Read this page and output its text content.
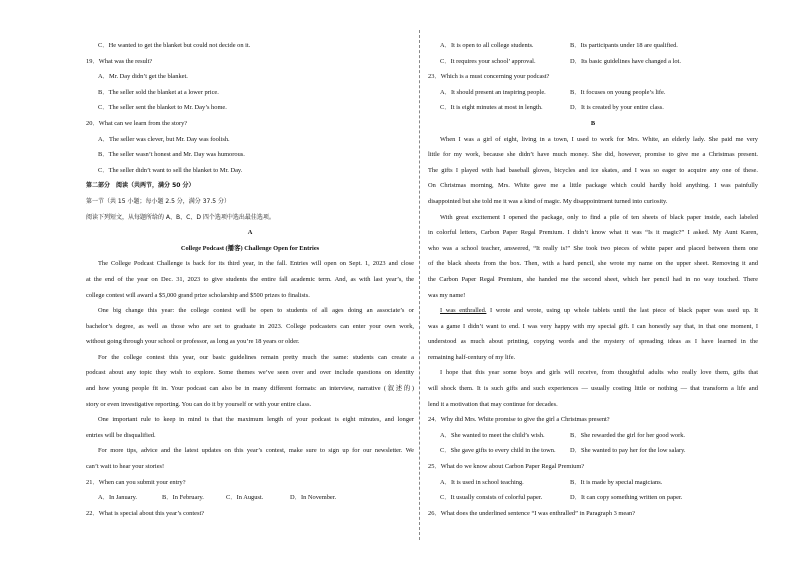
C．He wanted to get the blanket but could not decide on it.
19．What was the result?
A．Mr. Day didn’t get the blanket.
B．The seller sold the blanket at a lower price.
C．The seller sent the blanket to Mr. Day’s home.
20．What can we learn from the story?
A．The seller was clever, but Mr. Day was foolish.
B．The seller wasn’t honest and Mr. Day was humorous.
C．The seller didn’t want to sell the blanket to Mr. Day.
第二部分　阅读（共两节，满分 50 分）
第一节（共 15 小题；每小题 2.5 分，满分 37.5 分）
阅读下列短文，从每题所给的 A、B、C、D 四个选项中选出最佳选项。
A
College Podcast (播客) Challenge Open for Entries
The College Podcast Challenge is back for its third year, in the fall. Entries will open on Sept. 1, 2023 and close
at the end of the year on Dec. 31, 2023 to give students the entire fall academic term. And, as with last year’s, the
college contest will award a $5,000 grand prize scholarship and $500 prizes to finalists.
One big change this year: the college contest will be open to students of all ages doing an associate’s or
bachelor’s degree, as well as those who are set to graduate in 2023. College podcasters can enter your own work,
without going through your school or professor, as long as you’re 18 years or older.
For the college contest this year, our basic guidelines remain pretty much the same: students can create a
podcast about any topic they wish to explore. Some themes we’ve seen over and over include questions on identity
and how young people fit in. Your podcast can also be in many different formats: an interview, narrative (叙述的)
story or even investigative reporting. You can do it by yourself or with your entire class.
One important rule to keep in mind is that the maximum length of your podcast is eight minutes, and longer
entries will be disqualified.
For more tips, advice and the latest updates on this year’s contest, make sure to sign up for our newsletter. We
can’t wait to hear your stories!
21．When can you submit your entry?
A．In January.	B．In February.	C．In August.	D．In November.
22．What is special about this year’s contest?
A．It is open to all college students.	B．Its participants under 18 are qualified.
C．It requires your school’ approval.	D．Its basic guidelines have changed a lot.
23．Which is a must concerning your podcast?
A．It should present an inspiring people.	B．It focuses on young people’s life.
C．It is eight minutes at most in length.	D．It is created by your entire class.
B
When I was a girl of eight, living in a town, I used to work for Mrs. White, an elderly lady. She paid me very
little for my work, because she didn’t have much money. She did, however, promise to give me a Christmas present.
The gifts I played with had baseball gloves, bicycles and ice skates, and I was so eager to acquire any one of these.
On Christmas morning, Mrs. White gave me a little package which could hardly hold anything. I was painfully
disappointed but she told me it was a kind of magic. My disappointment turned into curiosity.
With great excitement I opened the package, only to find a pile of ten sheets of black paper inside, each labeled
in colorful letters, Carbon Paper Regal Premium. I didn’t know what it was “Is it magic?” I asked. My Aunt Karen,
who was a school teacher, answered, “It really is!” She took two pieces of white paper and placed between them one
of the black sheets from the box. Then, with a hard pencil, she wrote my name on the upper sheet. Removing it and
the Carbon Paper Regal Premium, she handed me the second sheet, which her pencil had in no way touched. There
was my name!
I was enthralled. I wrote and wrote, using up whole tablets until the last piece of black paper was used up. It
was a game I didn’t want to end. I was very happy with my special gift. I can honestly say that, in that one moment, I
understood as much about printing, copying words and the mystery of spreading ideas as I have learned in the
remaining half-century of my life.
I hope that this year some boys and girls will receive, from thoughtful adults who really love them, gifts that
will shock them. It is such gifts and such experiences — usually costing little or nothing — that transform a life and
lend it a motivation that may continue for decades.
24．Why did Mrs. White promise to give the girl a Christmas present?
A．She wanted to meet the child’s wish.	B．She rewarded the girl for her good work.
C．She gave gifts to every child in the town.	D．She wanted to pay her for the low salary.
25．What do we know about Carbon Paper Regal Premium?
A．It is used in school teaching.	B．It is made by special magicians.
C．It usually consists of colorful paper.	D．It can copy something written on paper.
26．What does the underlined sentence “I was enthralled” in Paragraph 3 mean?
